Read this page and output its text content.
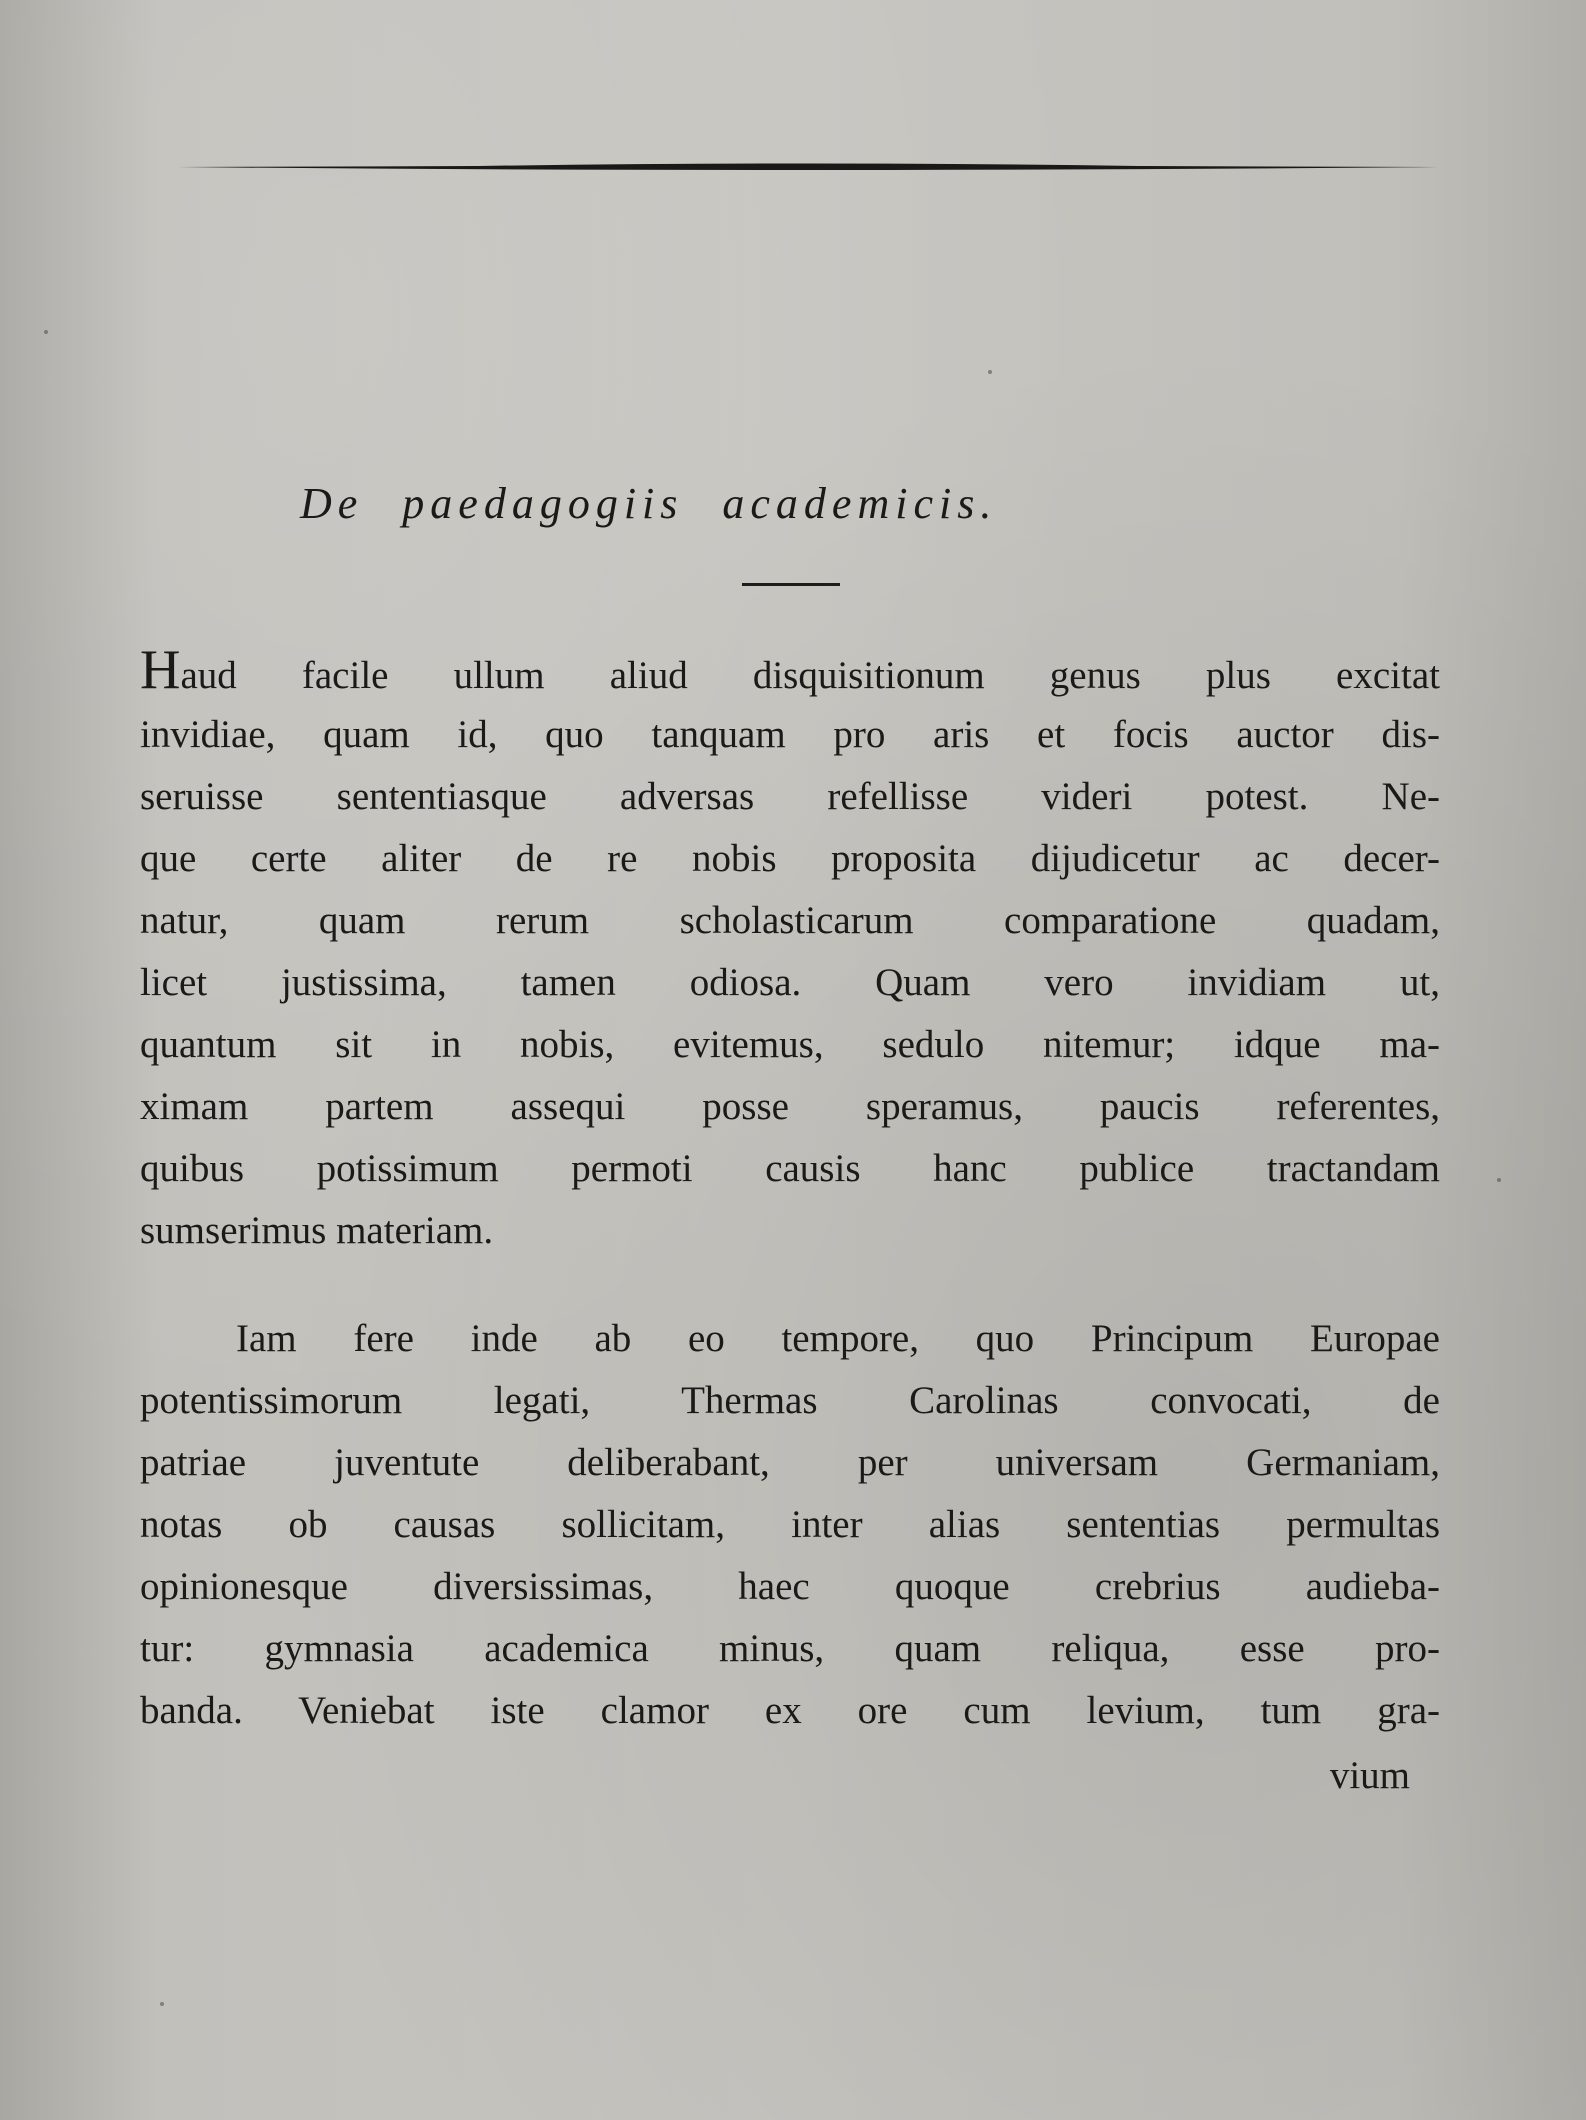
De paedagogiis academicis.
Haud facile ullum aliud disquisitionum genus plus excitat
invidiae, quam id, quo tanquam pro aris et focis auctor dis-
seruisse sententiasque adversas refellisse videri potest. Ne-
que certe aliter de re nobis proposita dijudicetur ac decer-
natur, quam rerum scholasticarum comparatione quadam,
licet justissima, tamen odiosa. Quam vero invidiam ut,
quantum sit in nobis, evitemus, sedulo nitemur; idque ma-
ximam partem assequi posse speramus, paucis referentes,
quibus potissimum permoti causis hanc publice tractandam
sumserimus materiam.
Iam fere inde ab eo tempore, quo Principum Europae
potentissimorum legati, Thermas Carolinas convocati, de
patriae juventute deliberabant, per universam Germaniam,
notas ob causas sollicitam, inter alias sententias permultas
opinionesque diversissimas, haec quoque crebrius audieba-
tur: gymnasia academica minus, quam reliqua, esse pro-
banda. Veniebat iste clamor ex ore cum levium, tum gra-
vium
